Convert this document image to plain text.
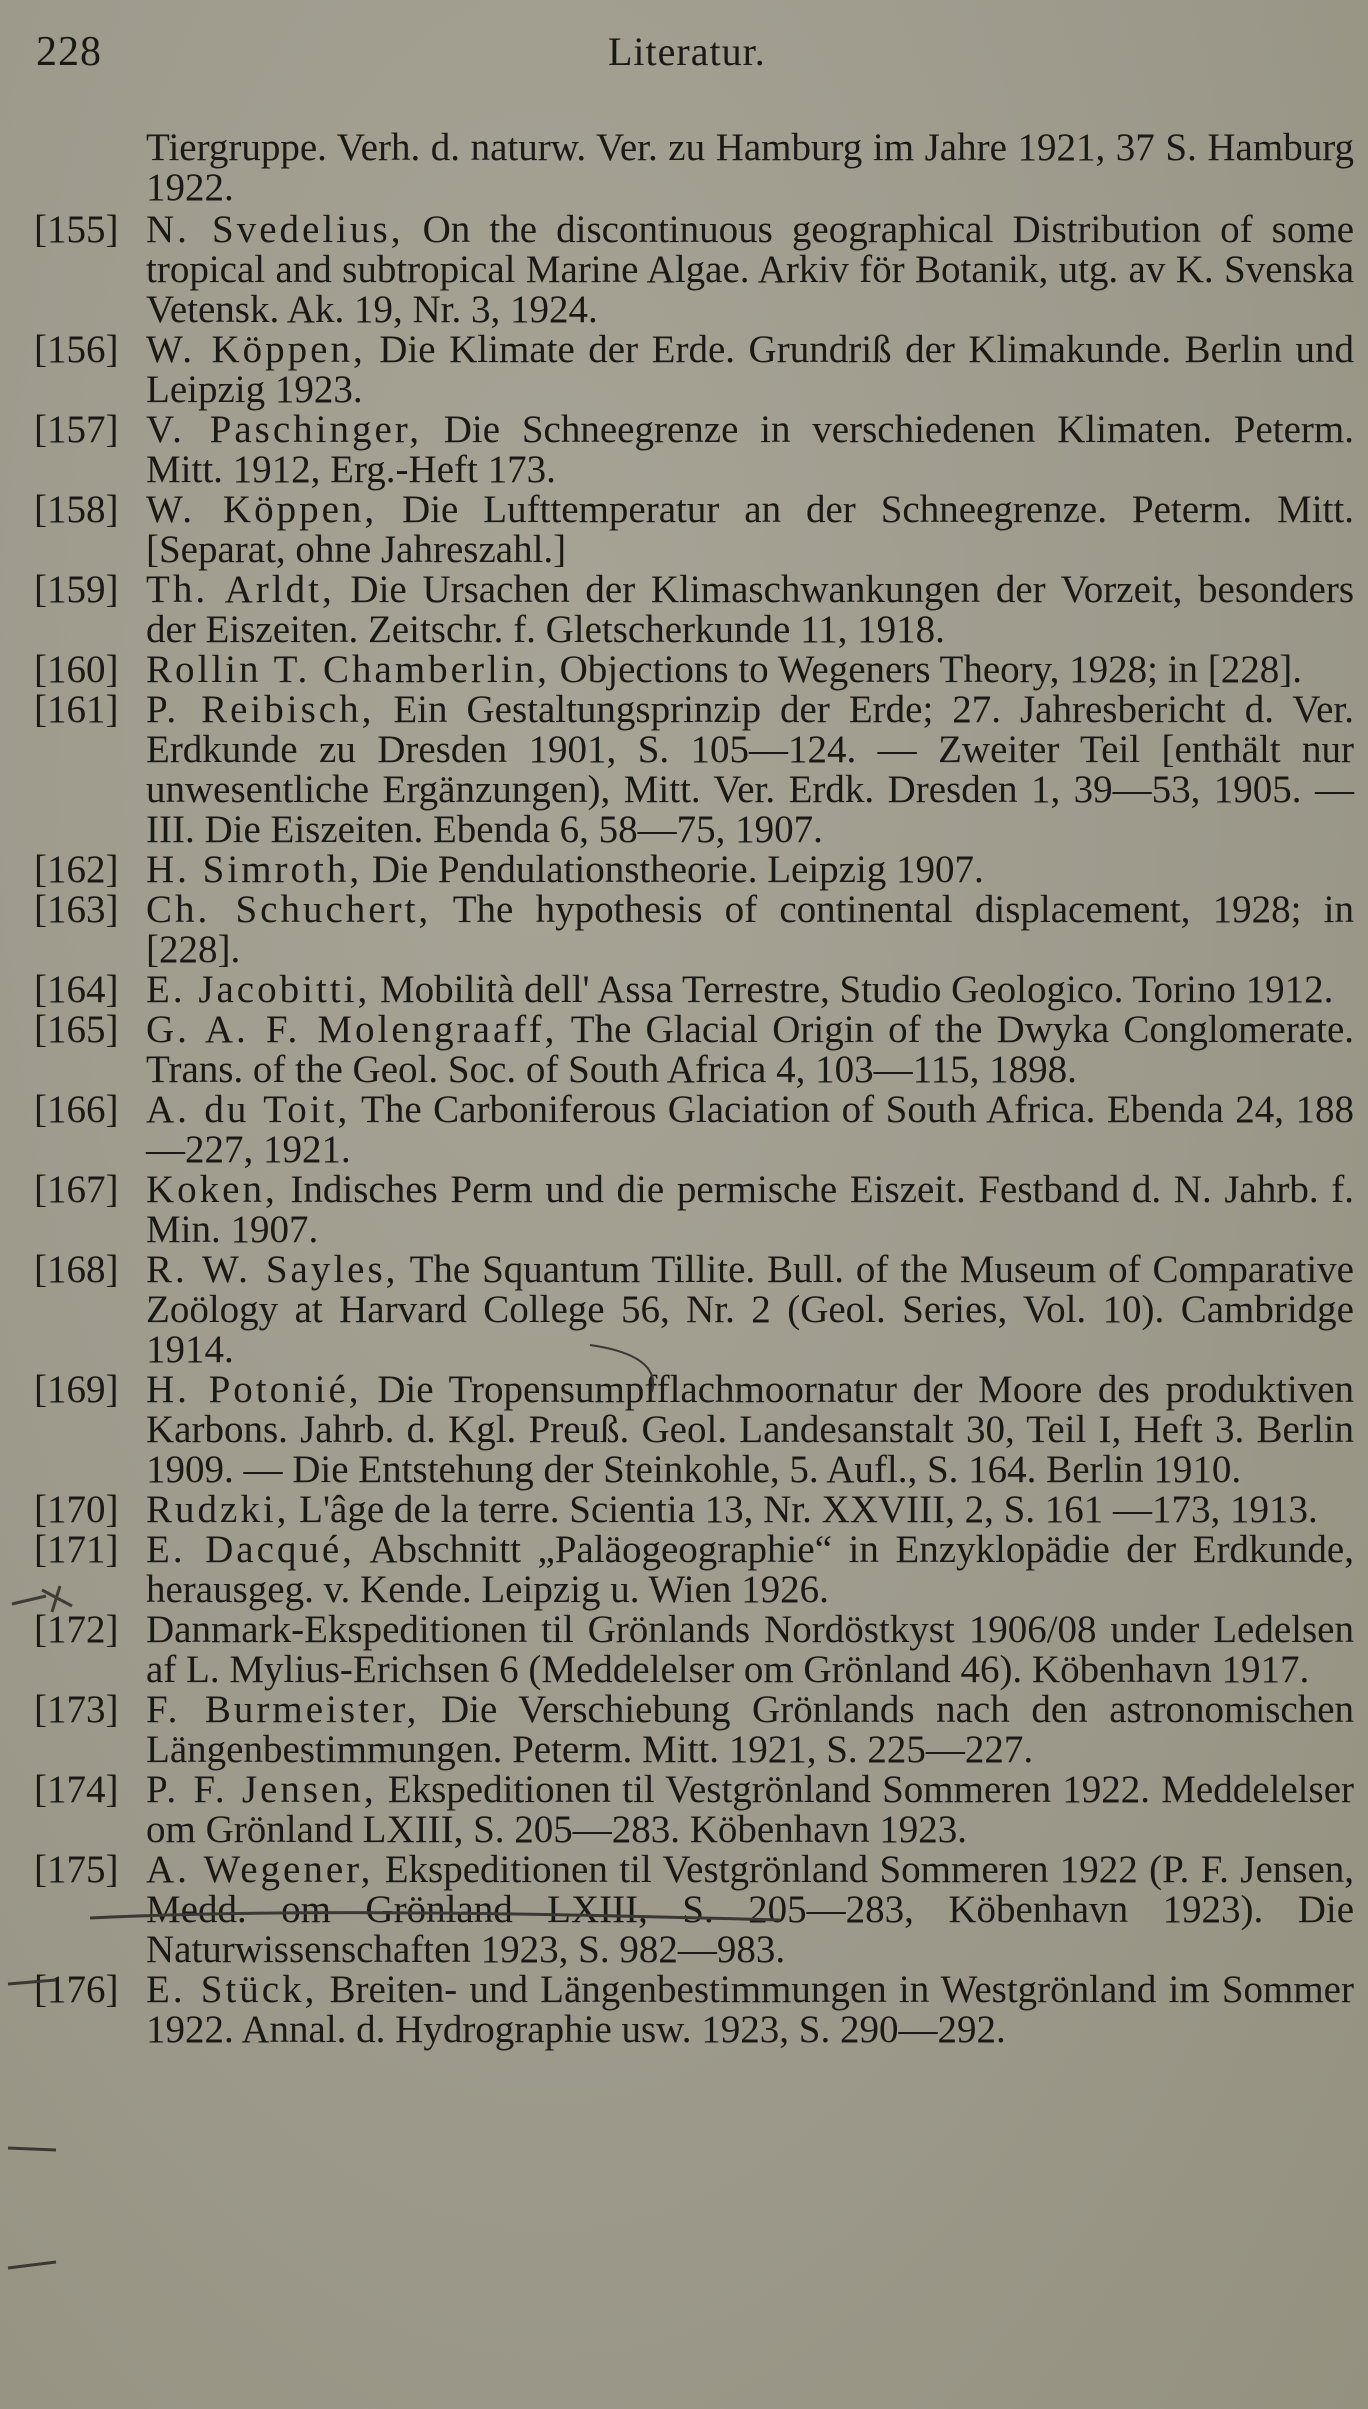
228	Literatur.
Tiergruppe. Verh. d. naturw. Ver. zu Hamburg im Jahre 1921, 37 S. Hamburg 1922.
[155] N. Svedelius, On the discontinuous geographical Distribution of some tropical and subtropical Marine Algae. Arkiv för Botanik, utg. av K. Svenska Vetensk. Ak. 19, Nr. 3, 1924.
[156] W. Köppen, Die Klimate der Erde. Grundriß der Klimakunde. Berlin und Leipzig 1923.
[157] V. Paschinger, Die Schneegrenze in verschiedenen Klimaten. Peterm. Mitt. 1912, Erg.-Heft 173.
[158] W. Köppen, Die Lufttemperatur an der Schneegrenze. Peterm. Mitt. [Separat, ohne Jahreszahl.]
[159] Th. Arldt, Die Ursachen der Klimaschwankungen der Vorzeit, besonders der Eiszeiten. Zeitschr. f. Gletscherkunde 11, 1918.
[160] Rollin T. Chamberlin, Objections to Wegeners Theory, 1928; in [228].
[161] P. Reibisch, Ein Gestaltungsprinzip der Erde; 27. Jahresbericht d. Ver. Erdkunde zu Dresden 1901, S. 105—124. — Zweiter Teil [enthält nur unwesentliche Ergänzungen), Mitt. Ver. Erdk. Dresden 1, 39—53, 1905. — III. Die Eiszeiten. Ebenda 6, 58—75, 1907.
[162] H. Simroth, Die Pendulationstheorie. Leipzig 1907.
[163] Ch. Schuchert, The hypothesis of continental displacement, 1928; in [228].
[164] E. Jacobitti, Mobilità dell' Assa Terrestre, Studio Geologico. Torino 1912.
[165] G. A. F. Molengraaff, The Glacial Origin of the Dwyka Conglomerate. Trans. of the Geol. Soc. of South Africa 4, 103—115, 1898.
[166] A. du Toit, The Carboniferous Glaciation of South Africa. Ebenda 24, 188—227, 1921.
[167] Koken, Indisches Perm und die permische Eiszeit. Festband d. N. Jahrb. f. Min. 1907.
[168] R. W. Sayles, The Squantum Tillite. Bull. of the Museum of Comparative Zoölogy at Harvard College 56, Nr. 2 (Geol. Series, Vol. 10). Cambridge 1914.
[169] H. Potonié, Die Tropensumpfflachmoornatur der Moore des produktiven Karbons. Jahrb. d. Kgl. Preuß. Geol. Landesanstalt 30, Teil I, Heft 3. Berlin 1909. — Die Entstehung der Steinkohle, 5. Aufl., S. 164. Berlin 1910.
[170] Rudzki, L'âge de la terre. Scientia 13, Nr. XXVIII, 2, S. 161 —173, 1913.
[171] E. Dacqué, Abschnitt „Paläogeographie“ in Enzyklopädie der Erdkunde, herausgeg. v. Kende. Leipzig u. Wien 1926.
[172] Danmark-Ekspeditionen til Grönlands Nordöstkyst 1906/08 under Ledelsen af L. Mylius-Erichsen 6 (Meddelelser om Grönland 46). Köbenhavn 1917.
[173] F. Burmeister, Die Verschiebung Grönlands nach den astronomischen Längenbestimmungen. Peterm. Mitt. 1921, S. 225—227.
[174] P. F. Jensen, Ekspeditionen til Vestgrönland Sommeren 1922. Meddelelser om Grönland LXIII, S. 205—283. Köbenhavn 1923.
[175] A. Wegener, Ekspeditionen til Vestgrönland Sommeren 1922 (P. F. Jensen, Medd. om Grönland LXIII, S. 205—283, Köbenhavn 1923). Die Naturwissenschaften 1923, S. 982—983.
[176] E. Stück, Breiten- und Längenbestimmungen in Westgrönland im Sommer 1922. Annal. d. Hydrographie usw. 1923, S. 290—292.
